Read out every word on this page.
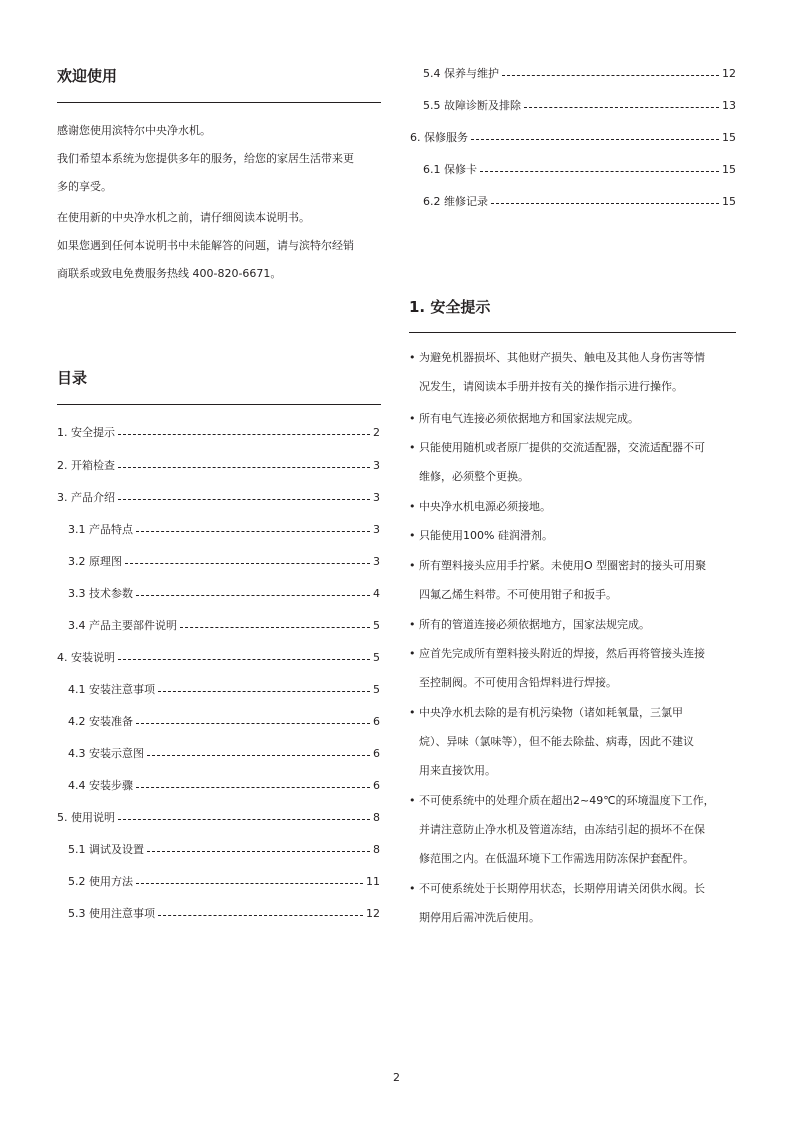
欢迎使用
感谢您使用滨特尔中央净水机。
我们希望本系统为您提供多年的服务，给您的家居生活带来更
多的享受。
在使用新的中央净水机之前，请仔细阅读本说明书。
如果您遇到任何本说明书中未能解答的问题，请与滨特尔经销
商联系或致电免费服务热线 400-820-6671。
目录
1. 安全提示	2
2. 开箱检查	3
3. 产品介绍	3
3.1 产品特点	3
3.2 原理图	3
3.3 技术参数	4
3.4 产品主要部件说明	5
4. 安装说明	5
4.1 安装注意事项	5
4.2 安装准备	6
4.3 安装示意图	6
4.4 安装步骤	6
5. 使用说明	8
5.1 调试及设置	8
5.2 使用方法	11
5.3 使用注意事项	12
5.4 保养与维护	12
5.5 故障诊断及排除	13
6. 保修服务	15
6.1 保修卡	15
6.2 维修记录	15
1. 安全提示
• 为避免机器损坏、其他财产损失、触电及其他人身伤害等情
况发生，请阅读本手册并按有关的操作指示进行操作。
• 所有电气连接必须依据地方和国家法规完成。
• 只能使用随机或者原厂提供的交流适配器，交流适配器不可
维修，必须整个更换。
• 中央净水机电源必须接地。
• 只能使用100% 硅润滑剂。
• 所有塑料接头应用手拧紧。未使用O 型圈密封的接头可用聚
四氟乙烯生料带。不可使用钳子和扳手。
• 所有的管道连接必须依据地方，国家法规完成。
• 应首先完成所有塑料接头附近的焊接，然后再将管接头连接
至控制阀。不可使用含铅焊料进行焊接。
• 中央净水机去除的是有机污染物（诸如耗氧量，三氯甲
烷）、异味（氯味等），但不能去除盐、病毒，因此不建议
用来直接饮用。
• 不可使系统中的处理介质在超出2~49℃的环境温度下工作，
并请注意防止净水机及管道冻结，由冻结引起的损坏不在保
修范围之内。在低温环境下工作需选用防冻保护套配件。
• 不可使系统处于长期停用状态，长期停用请关闭供水阀。长
期停用后需冲洗后使用。
2
